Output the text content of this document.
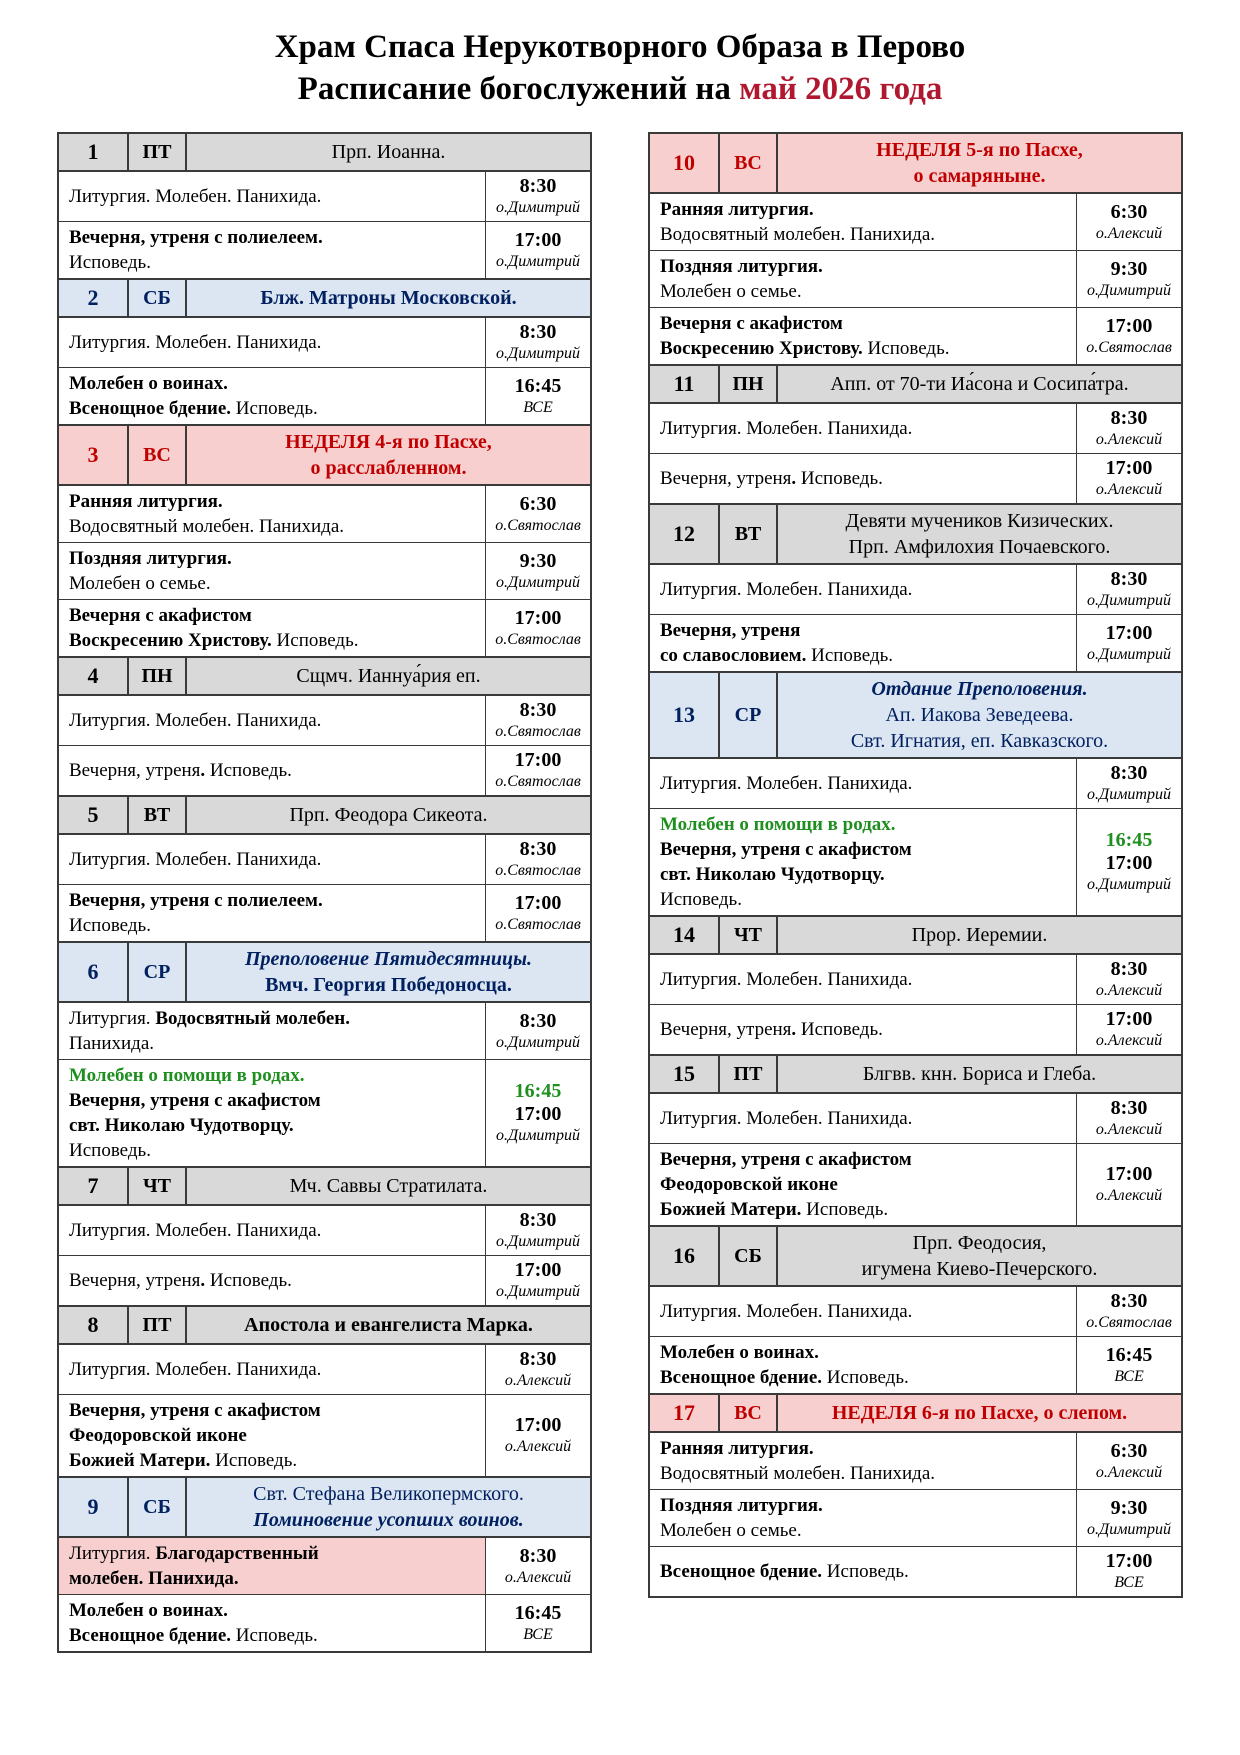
Храм Спаса Нерукотворного Образа в Перово
Расписание богослужений на май 2026 года
1	ПТ	Прп. Иоанна.
Литургия. Молебен. Панихида.	8:30
о.Димитрий
Вечерня, утреня с полиелеем.
Исповедь.
17:00
о.Димитрий
2	СБ	Блж. Матроны Московской.
Литургия. Молебен. Панихида.	8:30
о.Димитрий
Молебен о воинах.
Всенощное бдение. Исповедь.
16:45
ВСЕ
3	ВС
НЕДЕЛЯ 4-я по Пасхе,
о расслабленном.
Ранняя литургия.
Водосвятный молебен. Панихида.
6:30
о.Святослав
Поздняя литургия.
Молебен о семье.
9:30
о.Димитрий
Вечерня с акафистом
Воскресению Христову. Исповедь.
17:00
о.Святослав
4	ПН	Сщмч. Ианнуа́рия еп.
Литургия. Молебен. Панихида.	8:30
о.Святослав
Вечерня, утреня. Исповедь.	17:00
о.Святослав
5	ВТ	Прп. Феодора Сикеота.
Литургия. Молебен. Панихида.	8:30
о.Святослав
Вечерня, утреня с полиелеем.
Исповедь.
17:00
о.Святослав
6	СР
Преполовение Пятидесятницы.
Вмч. Георгия Победоносца.
Литургия. Водосвятный молебен.
Панихида.
8:30
о.Димитрий
Молебен о помощи в родах.
Вечерня, утреня с акафистом
свт. Николаю Чудотворцу.
Исповедь.
16:45
17:00
о.Димитрий
7	ЧТ	Мч. Саввы Стратилата.
Литургия. Молебен. Панихида.	8:30
о.Димитрий
Вечерня, утреня. Исповедь.	17:00
о.Димитрий
8	ПТ	Апостола и евангелиста Марка.
Литургия. Молебен. Панихида.	8:30
о.Алексий
Вечерня, утреня с акафистом
Феодоровской иконе
Божией Матери. Исповедь.
17:00
о.Алексий
9	СБ
Свт. Стефана Великопермского.
Поминовение усопших воинов.
Литургия. Благодарственный
молебен. Панихида.
8:30
о.Алексий
Молебен о воинах.
Всенощное бдение. Исповедь.
16:45
ВСЕ
10	ВС
НЕДЕЛЯ 5-я по Пасхе,
о самаряныне.
Ранняя литургия.
Водосвятный молебен. Панихида.
6:30
о.Алексий
Поздняя литургия.
Молебен о семье.
9:30
о.Димитрий
Вечерня с акафистом
Воскресению Христову. Исповедь.
17:00
о.Святослав
11	ПН	Апп. от 70-ти Иа́сона и Сосипа́тра.
Литургия. Молебен. Панихида.	8:30
о.Алексий
Вечерня, утреня. Исповедь.	17:00
о.Алексий
12	ВТ
Девяти мучеников Кизических.
Прп. Амфилохия Почаевского.
Литургия. Молебен. Панихида.	8:30
о.Димитрий
Вечерня, утреня
со славословием. Исповедь.
17:00
о.Димитрий
13	СР
Отдание Преполовения.
Ап. Иакова Зеведеева.
Свт. Игнатия, еп. Кавказского.
Литургия. Молебен. Панихида.	8:30
о.Димитрий
Молебен о помощи в родах.
Вечерня, утреня с акафистом
свт. Николаю Чудотворцу.
Исповедь.
16:45
17:00
о.Димитрий
14	ЧТ	Прор. Иеремии.
Литургия. Молебен. Панихида.	8:30
о.Алексий
Вечерня, утреня. Исповедь.	17:00
о.Алексий
15	ПТ	Блгвв. кнн. Бориса и Глеба.
Литургия. Молебен. Панихида.	8:30
о.Алексий
Вечерня, утреня с акафистом
Феодоровской иконе
Божией Матери. Исповедь.
17:00
о.Алексий
16	СБ
Прп. Феодосия,
игумена Киево-Печерского.
Литургия. Молебен. Панихида.	8:30
о.Святослав
Молебен о воинах.
Всенощное бдение. Исповедь.
16:45
ВСЕ
17	ВС	НЕДЕЛЯ 6-я по Пасхе, о слепом.
Ранняя литургия.
Водосвятный молебен. Панихида.
6:30
о.Алексий
Поздняя литургия.
Молебен о семье.
9:30
о.Димитрий
Всенощное бдение. Исповедь.	17:00
ВСЕ
